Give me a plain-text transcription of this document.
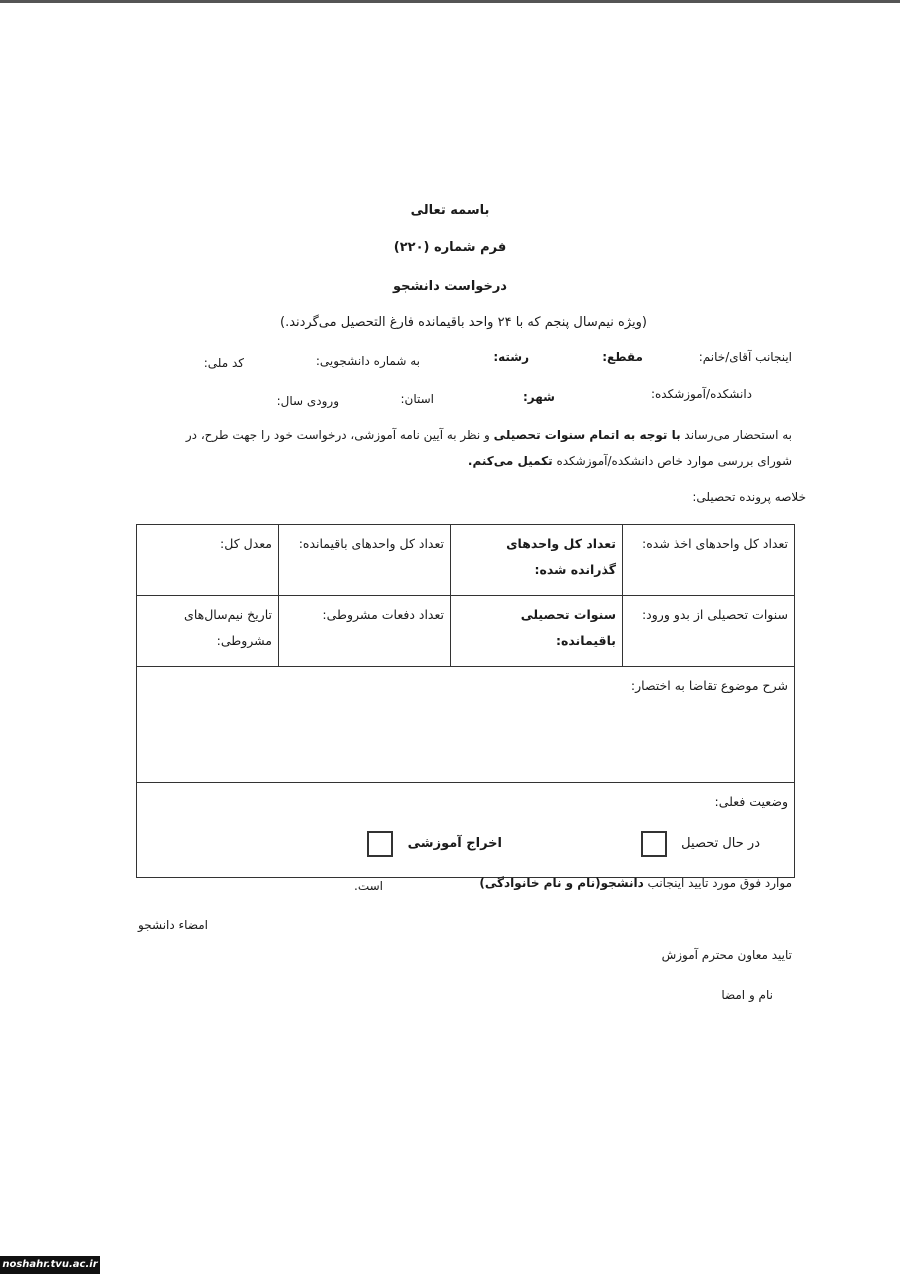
باسمه تعالی
فرم شماره (۲۲۰)
درخواست دانشجو
(ویژه نیم‌سال پنجم که با ۲۴ واحد باقیمانده فارغ التحصیل می‌گردند.)
اینجانب آقای/خانم:
مقطع:
رشته:
به شماره دانشجویی:
کد ملی:
دانشکده/آموزشکده:
شهر:
استان:
ورودی سال:
به استحضار می‌رساند با توجه به اتمام سنوات تحصیلی و نظر به آیین نامه آموزشی، درخواست خود را جهت طرح، در
شورای بررسی موارد خاص دانشکده/آموزشکده تکمیل می‌کنم.
خلاصه پرونده تحصیلی:
تعداد کل واحدهای اخذ شده:	تعداد کل واحدهای گذرانده شده:	تعداد کل واحدهای باقیمانده:	معدل کل:
سنوات تحصیلی از بدو ورود:	سنوات تحصیلی باقیمانده:	تعداد دفعات مشروطی:	تاریخ نیم‌سال‌های مشروطی:
شرح موضوع تقاضا به اختصار:			
وضعیت فعلی:
در حال تحصیل
اخراج آموزشی			
موارد فوق مورد تایید اینجانب دانشجو(نام و نام خانوادگی)
است.
امضاء دانشجو
تایید معاون محترم آموزش
نام و امضا
noshahr.tvu.ac.ir
